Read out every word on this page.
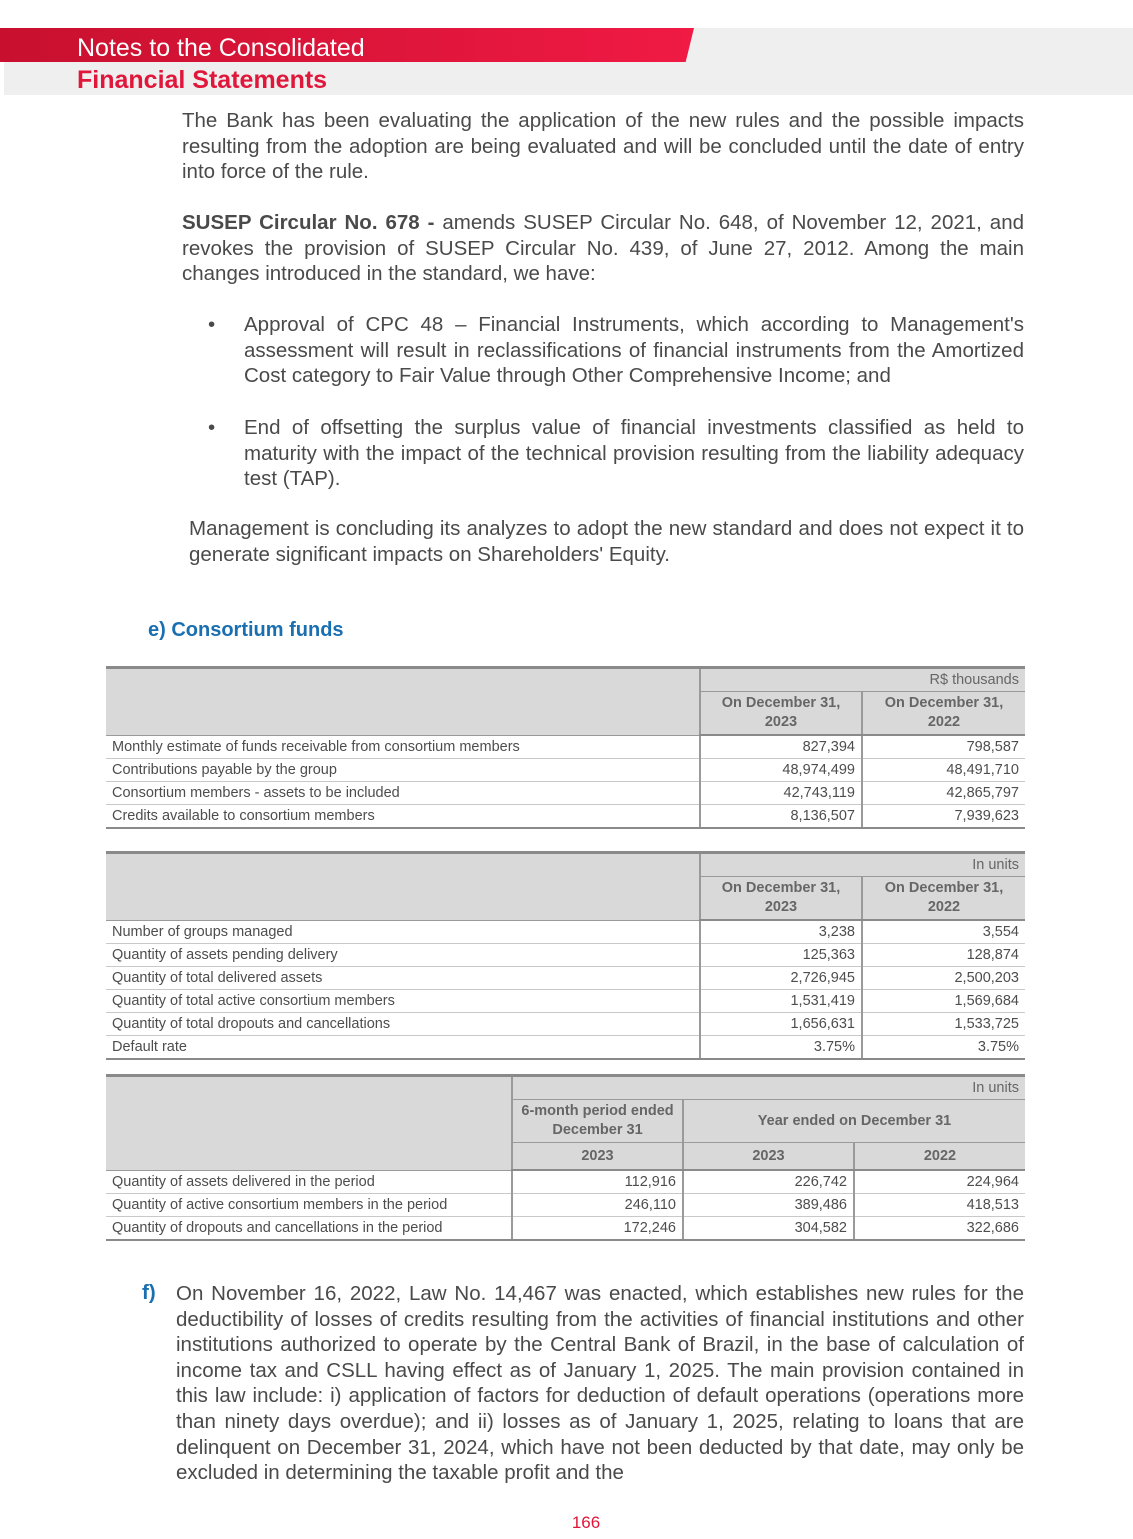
Notes to the Consolidated
Financial Statements

The Bank has been evaluating the application of the new rules and the possible impacts resulting from the adoption are being evaluated and will be concluded until the date of entry into force of the rule.

SUSEP Circular No. 678 - amends SUSEP Circular No. 648, of November 12, 2021, and revokes the provision of SUSEP Circular No. 439, of June 27, 2012. Among the main changes introduced in the standard, we have:

• Approval of CPC 48 – Financial Instruments, which according to Management's assessment will result in reclassifications of financial instruments from the Amortized Cost category to Fair Value through Other Comprehensive Income; and

• End of offsetting the surplus value of financial investments classified as held to maturity with the impact of the technical provision resulting from the liability adequacy test (TAP).

Management is concluding its analyzes to adopt the new standard and does not expect it to generate significant impacts on Shareholders' Equity.

e) Consortium funds
	R$ thousands	
	On December 31, 2023	On December 31, 2022
Monthly estimate of funds receivable from consortium members	827,394	798,587
Contributions payable by the group	48,974,499	48,491,710
Consortium members - assets to be included	42,743,119	42,865,797
Credits available to consortium members	8,136,507	7,939,623
	In units	
	On December 31, 2023	On December 31, 2022
Number of groups managed	3,238	3,554
Quantity of assets pending delivery	125,363	128,874
Quantity of total delivered assets	2,726,945	2,500,203
Quantity of total active consortium members	1,531,419	1,569,684
Quantity of total dropouts and cancellations	1,656,631	1,533,725
Default rate	3.75%	3.75%
	In units		
	6-month period ended December 31	Year ended on December 31	
	2023	2023	2022
Quantity of assets delivered in the period	112,916	226,742	224,964
Quantity of active consortium members in the period	246,110	389,486	418,513
Quantity of dropouts and cancellations in the period	172,246	304,582	322,686
f) On November 16, 2022, Law No. 14,467 was enacted, which establishes new rules for the deductibility of losses of credits resulting from the activities of financial institutions and other institutions authorized to operate by the Central Bank of Brazil, in the base of calculation of income tax and CSLL having effect as of January 1, 2025. The main provision contained in this law include: i) application of factors for deduction of default operations (operations more than ninety days overdue); and ii) losses as of January 1, 2025, relating to loans that are delinquent on December 31, 2024, which have not been deducted by that date, may only be excluded in determining the taxable profit and the

166
